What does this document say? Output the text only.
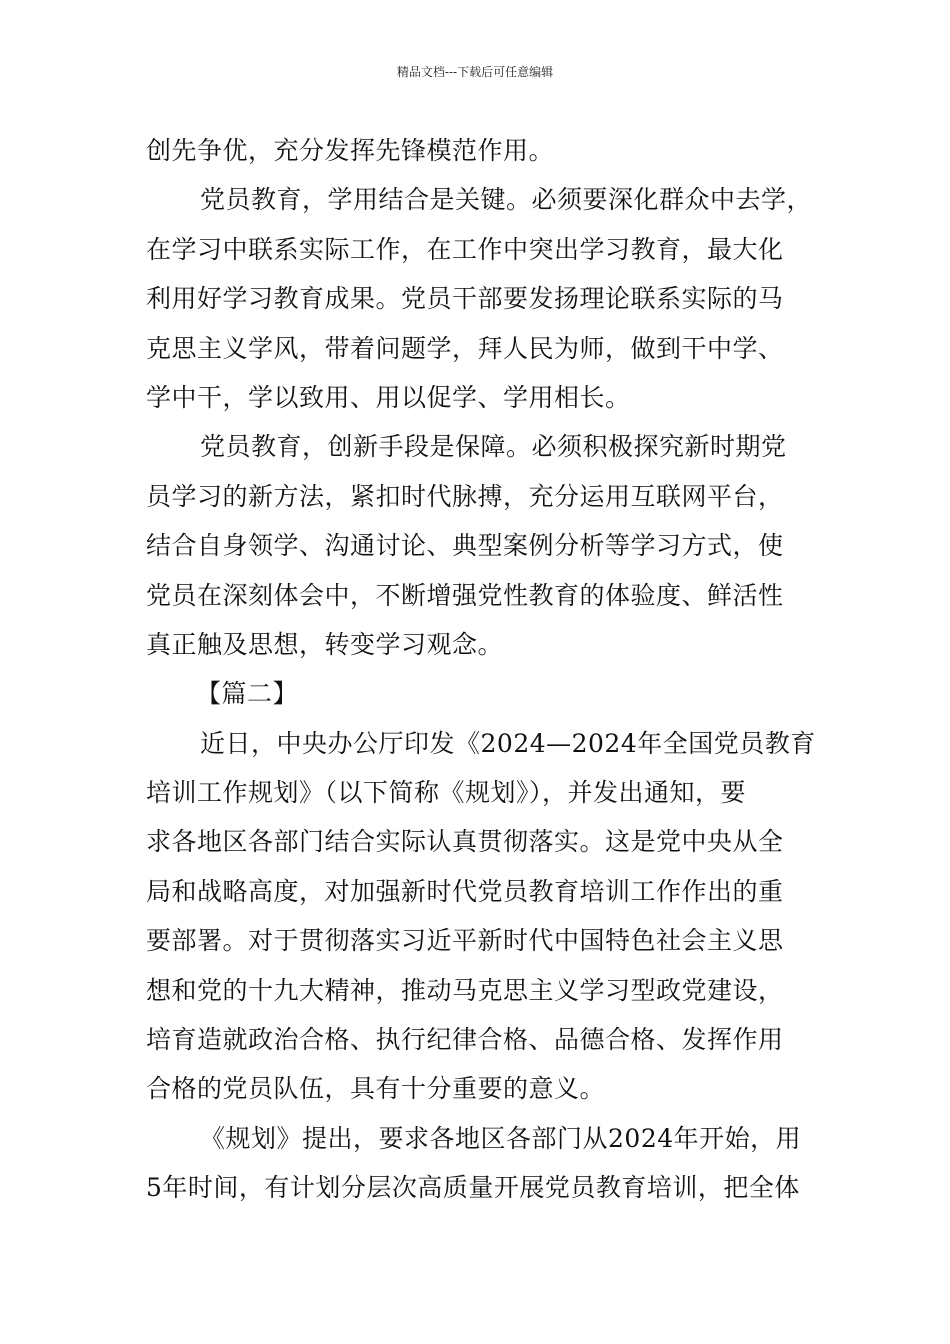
精品文档---下载后可任意编辑
创先争优，充分发挥先锋模范作用。
党员教育，学用结合是关键。必须要深化群众中去学，
在学习中联系实际工作，在工作中突出学习教育，最大化
利用好学习教育成果。党员干部要发扬理论联系实际的马
克思主义学风，带着问题学，拜人民为师，做到干中学、
学中干，学以致用、用以促学、学用相长。
党员教育，创新手段是保障。必须积极探究新时期党
员学习的新方法，紧扣时代脉搏，充分运用互联网平台，
结合自身领学、沟通讨论、典型案例分析等学习方式，使
党员在深刻体会中，不断增强党性教育的体验度、鲜活性
真正触及思想，转变学习观念。
【篇二】
近日，中央办公厅印发《2024—2024年全国党员教育
培训工作规划》（以下简称《规划》），并发出通知，要
求各地区各部门结合实际认真贯彻落实。这是党中央从全
局和战略高度，对加强新时代党员教育培训工作作出的重
要部署。对于贯彻落实习近平新时代中国特色社会主义思
想和党的十九大精神，推动马克思主义学习型政党建设，
培育造就政治合格、执行纪律合格、品德合格、发挥作用
合格的党员队伍，具有十分重要的意义。
《规划》提出，要求各地区各部门从2024年开始，用
5年时间，有计划分层次高质量开展党员教育培训，把全体
